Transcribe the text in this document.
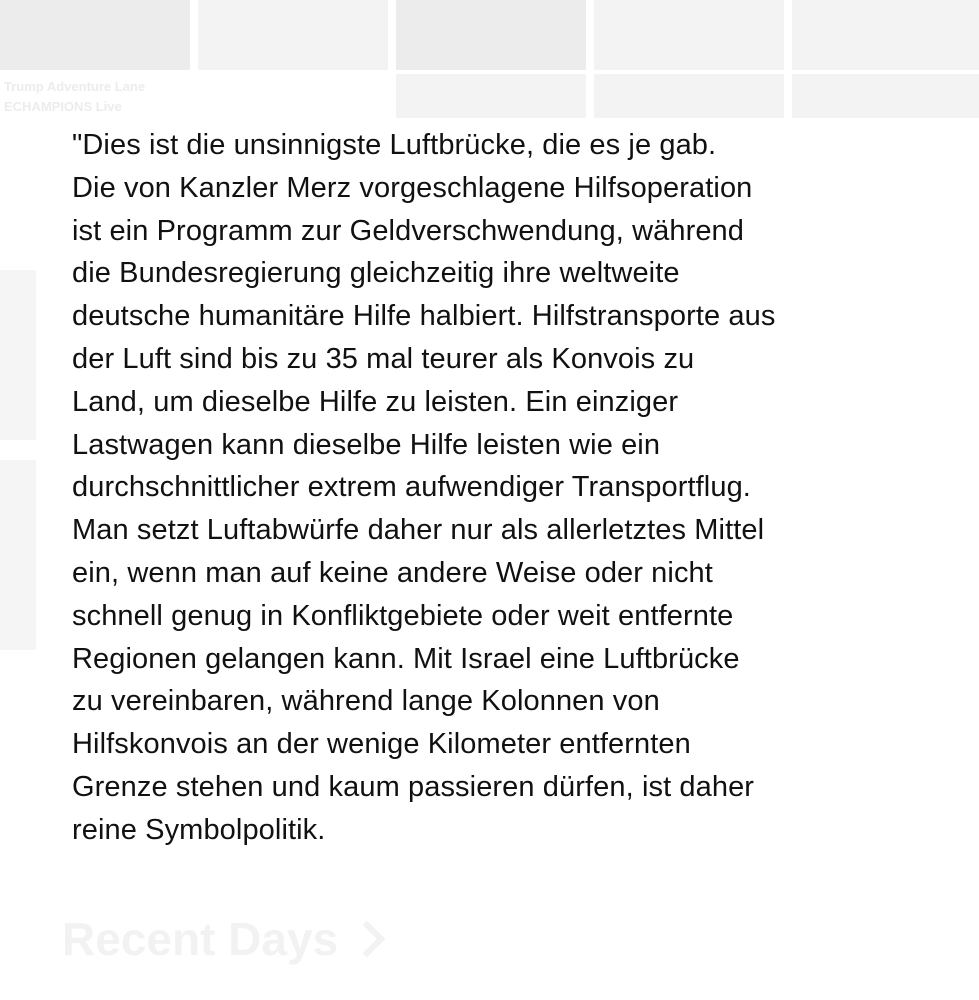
Trump Adventure Lane
ECHAMPIONS Live
Recent Days
"Dies ist die unsinnigste Luftbrücke, die es je gab.
Die von Kanzler Merz vorgeschlagene Hilfsoperation
ist ein Programm zur Geldverschwendung, während
die Bundesregierung gleichzeitig ihre weltweite
deutsche humanitäre Hilfe halbiert. Hilfstransporte aus
der Luft sind bis zu 35 mal teurer als Konvois zu
Land, um dieselbe Hilfe zu leisten. Ein einziger
Lastwagen kann dieselbe Hilfe leisten wie ein
durchschnittlicher extrem aufwendiger Transportflug.
Man setzt Luftabwürfe daher nur als allerletztes Mittel
ein, wenn man auf keine andere Weise oder nicht
schnell genug in Konfliktgebiete oder weit entfernte
Regionen gelangen kann. Mit Israel eine Luftbrücke
zu vereinbaren, während lange Kolonnen von
Hilfskonvois an der wenige Kilometer entfernten
Grenze stehen und kaum passieren dürfen, ist daher
reine Symbolpolitik.
